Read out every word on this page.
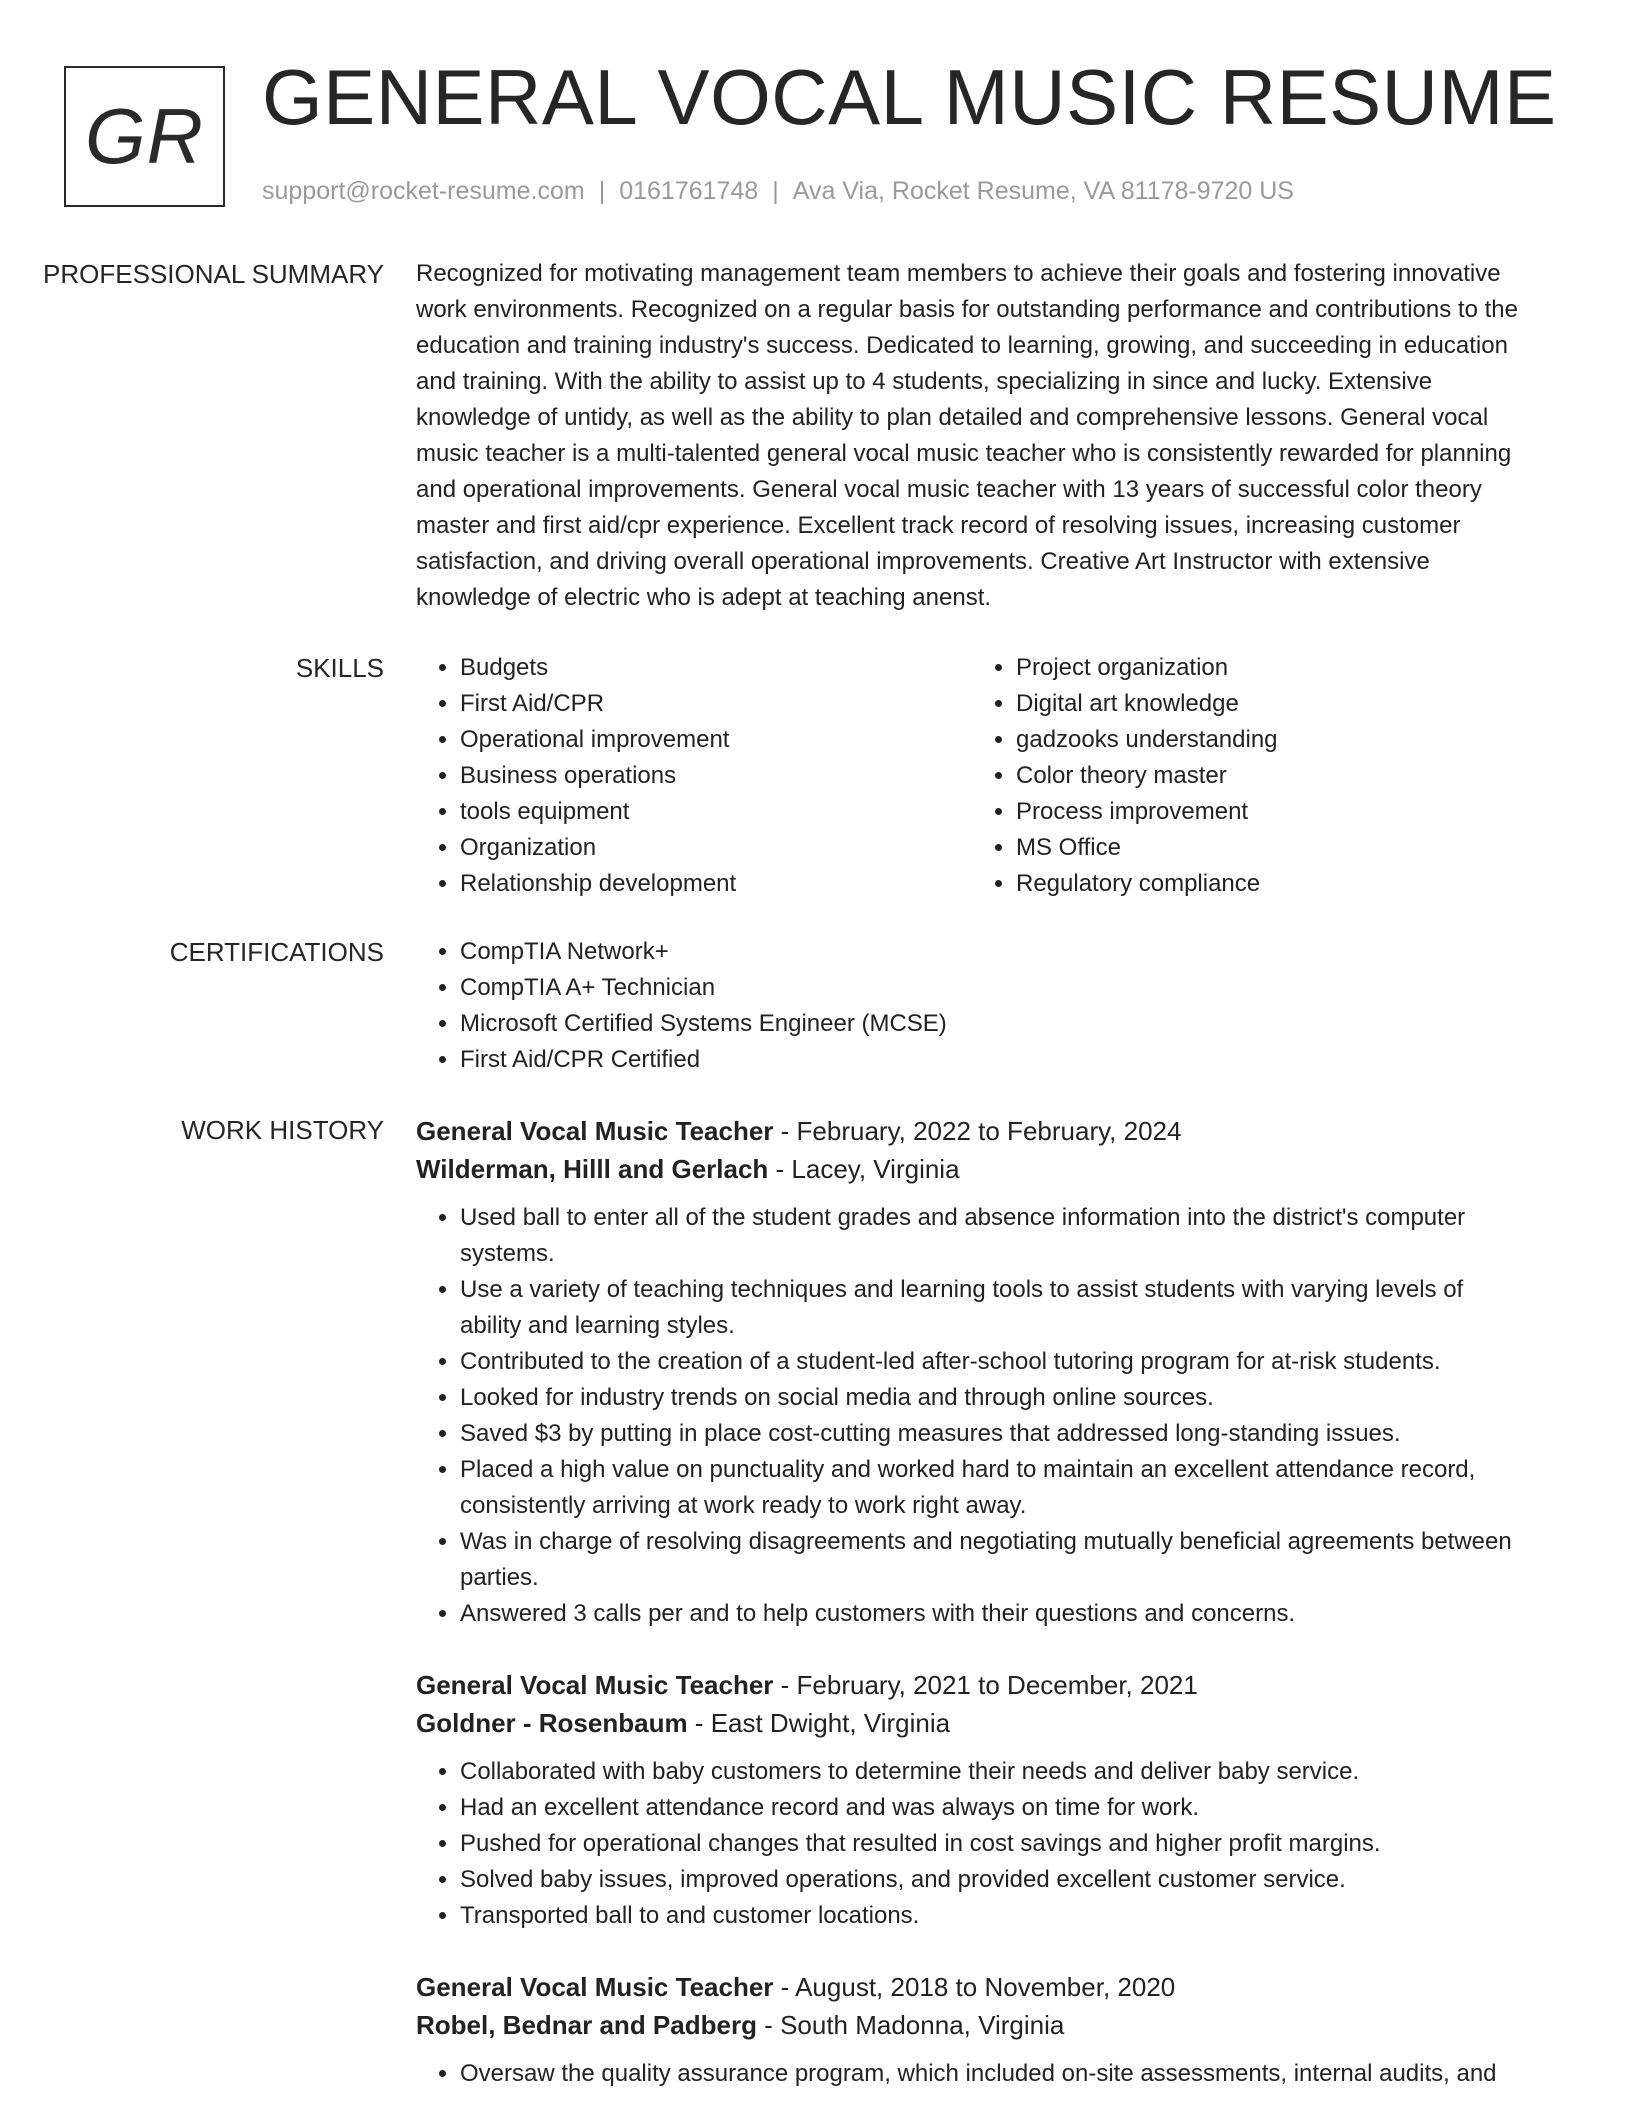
GR GENERAL VOCAL MUSIC RESUME
support@rocket-resume.com | 0161761748 | Ava Via, Rocket Resume, VA 81178-9720 US
PROFESSIONAL SUMMARY	Recognized for motivating management team members to achieve their goals and fostering innovative work environments. Recognized on a regular basis for outstanding performance and contributions to the education and training industry's success. Dedicated to learning, growing, and succeeding in education and training. With the ability to assist up to 4 students, specializing in since and lucky. Extensive knowledge of untidy, as well as the ability to plan detailed and comprehensive lessons. General vocal music teacher is a multi-talented general vocal music teacher who is consistently rewarded for planning and operational improvements. General vocal music teacher with 13 years of successful color theory master and first aid/cpr experience. Excellent track record of resolving issues, increasing customer satisfaction, and driving overall operational improvements. Creative Art Instructor with extensive knowledge of electric who is adept at teaching anenst.

SKILLS	• Budgets
• First Aid/CPR
• Operational improvement
• Business operations
• tools equipment
• Organization
• Relationship development
• Project organization
• Digital art knowledge
• gadzooks understanding
• Color theory master
• Process improvement
• MS Office
• Regulatory compliance
CERTIFICATIONS	• CompTIA Network+
• CompTIA A+ Technician
• Microsoft Certified Systems Engineer (MCSE)
• First Aid/CPR Certified
WORK HISTORY	General Vocal Music Teacher - February, 2022 to February, 2024
Wilderman, Hilll and Gerlach - Lacey, Virginia
• Used ball to enter all of the student grades and absence information into the district's computer systems.
• Use a variety of teaching techniques and learning tools to assist students with varying levels of ability and learning styles.
• Contributed to the creation of a student-led after-school tutoring program for at-risk students.
• Looked for industry trends on social media and through online sources.
• Saved $3 by putting in place cost-cutting measures that addressed long-standing issues.
• Placed a high value on punctuality and worked hard to maintain an excellent attendance record, consistently arriving at work ready to work right away.
• Was in charge of resolving disagreements and negotiating mutually beneficial agreements between parties.
• Answered 3 calls per and to help customers with their questions and concerns.
General Vocal Music Teacher - February, 2021 to December, 2021
Goldner - Rosenbaum - East Dwight, Virginia
• Collaborated with baby customers to determine their needs and deliver baby service.
• Had an excellent attendance record and was always on time for work.
• Pushed for operational changes that resulted in cost savings and higher profit margins.
• Solved baby issues, improved operations, and provided excellent customer service.
• Transported ball to and customer locations.
General Vocal Music Teacher - August, 2018 to November, 2020
Robel, Bednar and Padberg - South Madonna, Virginia
• Oversaw the quality assurance program, which included on-site assessments, internal audits, and
